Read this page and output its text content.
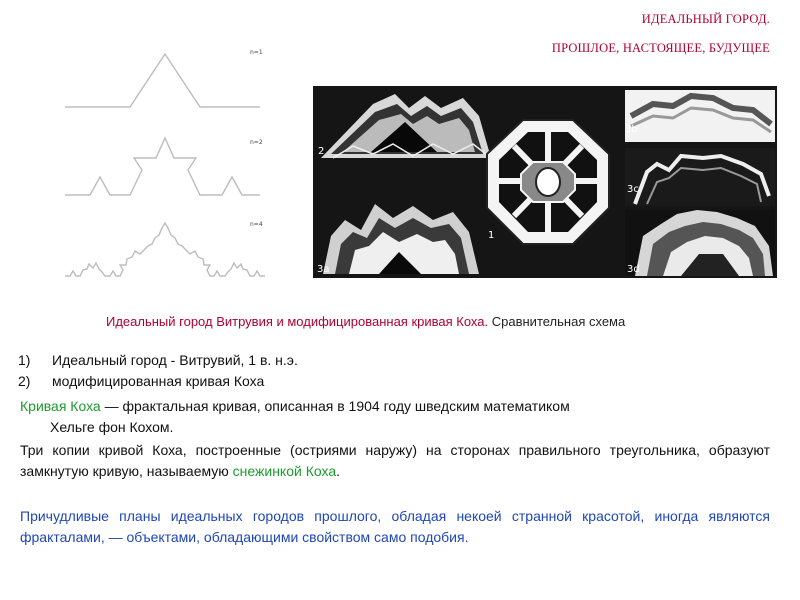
ИДЕАЛЬНЫЙ ГОРОД.
ПРОШЛОЕ, НАСТОЯЩЕЕ, БУДУЩЕЕ
n=1
n=2
n=4
2
1
3a
3b
3c
3d
Идеальный город Витрувия и модифицированная кривая Коха. Сравнительная схема
1) Идеальный город - Витрувий, 1 в. н.э.
2) модифицированная кривая Коха
Кривая Коха — фрактальная кривая, описанная в 1904 году шведским математиком
Хельге фон Кохом.
Три копии кривой Коха, построенные (остриями наружу) на сторонах правильного треугольника, образуют замкнутую кривую, называемую снежинкой Коха.
Причудливые планы идеальных городов прошлого, обладая некоей странной красотой, иногда являются фракталами, — объектами, обладающими свойством само подобия.
